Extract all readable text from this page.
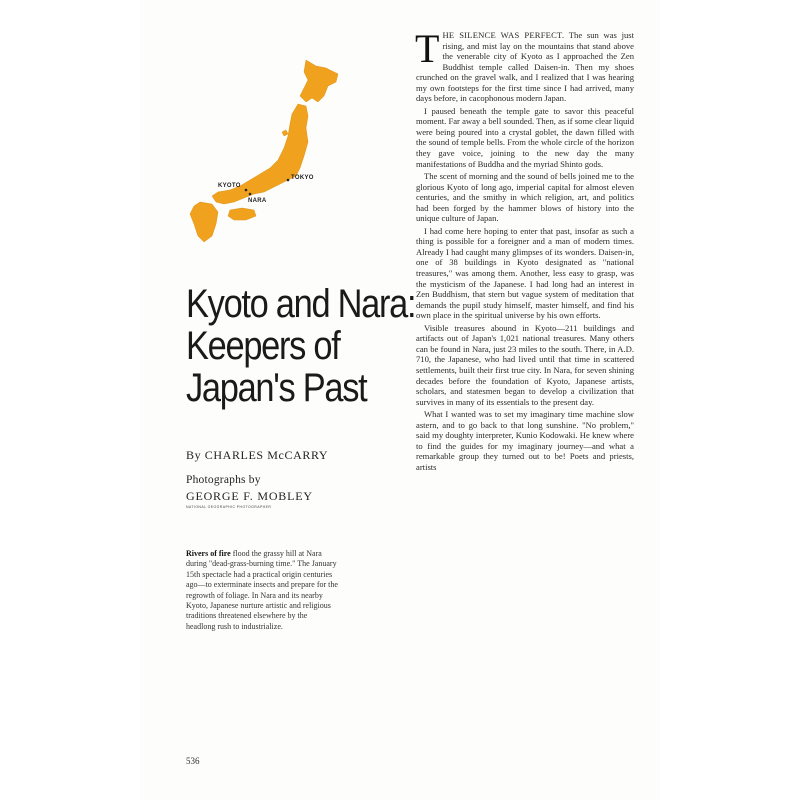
TOKYO
KYOTO
NARA
Kyoto and Nara:
Keepers of
Japan's Past
By CHARLES McCARRY
Photographs by
GEORGE F. MOBLEY
NATIONAL GEOGRAPHIC PHOTOGRAPHER
Rivers of fire flood the grassy hill at Nara during "dead-grass-burning time." The January 15th spectacle had a practical origin centuries ago—to exterminate insects and prepare for the regrowth of foliage. In Nara and its nearby Kyoto, Japanese nurture artistic and religious traditions threatened elsewhere by the headlong rush to industrialize.
536

THE SILENCE WAS PERFECT. The sun was just rising, and mist lay on the mountains that stand above the venerable city of Kyoto as I approached the Zen Buddhist temple called Daisen-in. Then my shoes crunched on the gravel walk, and I realized that I was hearing my own footsteps for the first time since I had arrived, many days before, in cacophonous modern Japan.

I paused beneath the temple gate to savor this peaceful moment. Far away a bell sounded. Then, as if some clear liquid were being poured into a crystal goblet, the dawn filled with the sound of temple bells. From the whole circle of the horizon they gave voice, joining to the new day the many manifestations of Buddha and the myriad Shinto gods.

The scent of morning and the sound of bells joined me to the glorious Kyoto of long ago, imperial capital for almost eleven centuries, and the smithy in which religion, art, and politics had been forged by the hammer blows of history into the unique culture of Japan.

I had come here hoping to enter that past, insofar as such a thing is possible for a foreigner and a man of modern times. Already I had caught many glimpses of its wonders. Daisen-in, one of 38 buildings in Kyoto designated as "national treasures," was among them. Another, less easy to grasp, was the mysticism of the Japanese. I had long had an interest in Zen Buddhism, that stern but vague system of meditation that demands the pupil study himself, master himself, and find his own place in the spiritual universe by his own efforts.

Visible treasures abound in Kyoto—211 buildings and artifacts out of Japan's 1,021 national treasures. Many others can be found in Nara, just 23 miles to the south. There, in A.D. 710, the Japanese, who had lived until that time in scattered settlements, built their first true city. In Nara, for seven shining decades before the foundation of Kyoto, Japanese artists, scholars, and statesmen began to develop a civilization that survives in many of its essentials to the present day.

What I wanted was to set my imaginary time machine slow astern, and to go back to that long sunshine. "No problem," said my doughty interpreter, Kunio Kodowaki. He knew where to find the guides for my imaginary journey—and what a remarkable group they turned out to be! Poets and priests, artists
